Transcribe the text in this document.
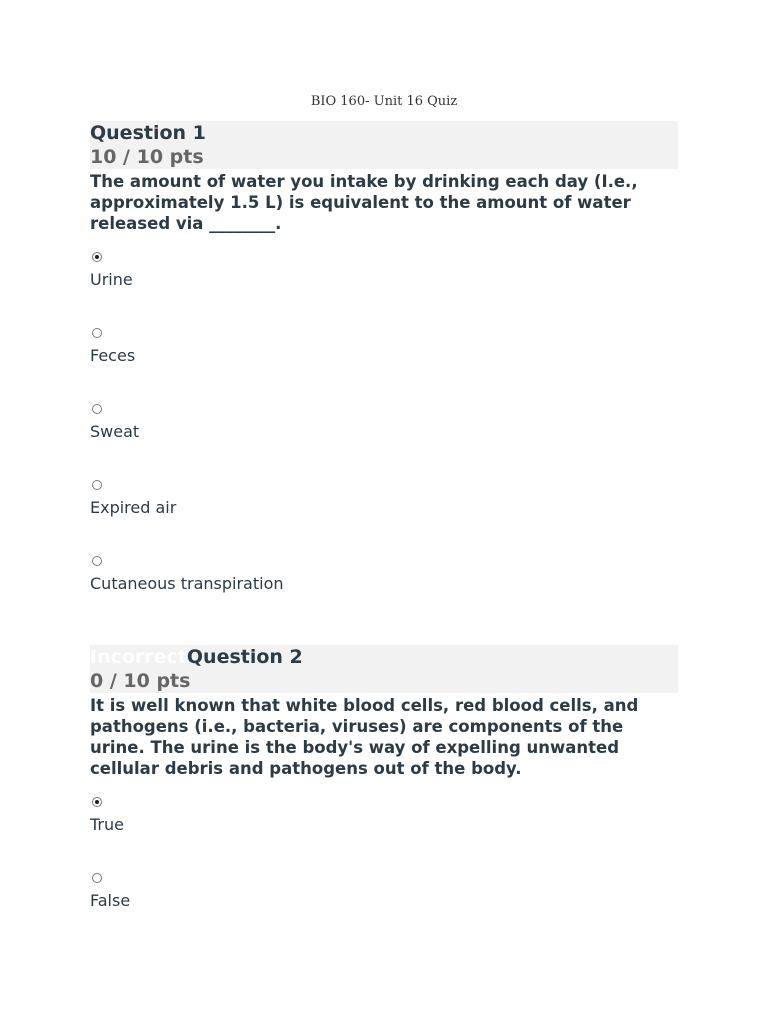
BIO 160- Unit 16 Quiz
Question 1
10 / 10 pts
The amount of water you intake by drinking each day (I.e., approximately 1.5 L) is equivalent to the amount of water released via ________.
Urine
Feces
Sweat
Expired air
Cutaneous transpiration
IncorrectQuestion 2
0 / 10 pts
It is well known that white blood cells, red blood cells, and pathogens (i.e., bacteria, viruses) are components of the urine. The urine is the body's way of expelling unwanted cellular debris and pathogens out of the body.
True
False
